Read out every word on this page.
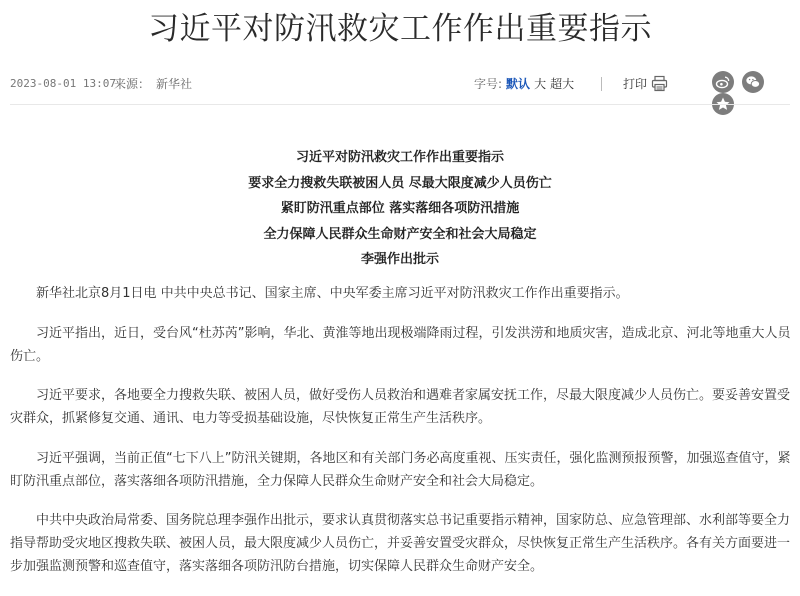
习近平对防汛救灾工作作出重要指示
2023-08-01 13:07
来源： 新华社	字号: 默认 大 超大	打印
习近平对防汛救灾工作作出重要指示
要求全力搜救失联被困人员 尽最大限度减少人员伤亡
紧盯防汛重点部位 落实落细各项防汛措施
全力保障人民群众生命财产安全和社会大局稳定
李强作出批示

新华社北京8月1日电 中共中央总书记、国家主席、中央军委主席习近平对防汛救灾工作作出重要指示。

习近平指出，近日，受台风“杜苏芮”影响，华北、黄淮等地出现极端降雨过程，引发洪涝和地质灾害，造成北京、河北等地重大人员伤亡。

习近平要求，各地要全力搜救失联、被困人员，做好受伤人员救治和遇难者家属安抚工作，尽最大限度减少人员伤亡。要妥善安置受灾群众，抓紧修复交通、通讯、电力等受损基础设施，尽快恢复正常生产生活秩序。

习近平强调，当前正值“七下八上”防汛关键期，各地区和有关部门务必高度重视、压实责任，强化监测预报预警，加强巡查值守，紧盯防汛重点部位，落实落细各项防汛措施，全力保障人民群众生命财产安全和社会大局稳定。

中共中央政治局常委、国务院总理李强作出批示，要求认真贯彻落实总书记重要指示精神，国家防总、应急管理部、水利部等要全力指导帮助受灾地区搜救失联、被困人员，最大限度减少人员伤亡，并妥善安置受灾群众，尽快恢复正常生产生活秩序。各有关方面要进一步加强监测预警和巡查值守，落实落细各项防汛防台措施，切实保障人民群众生命财产安全。
